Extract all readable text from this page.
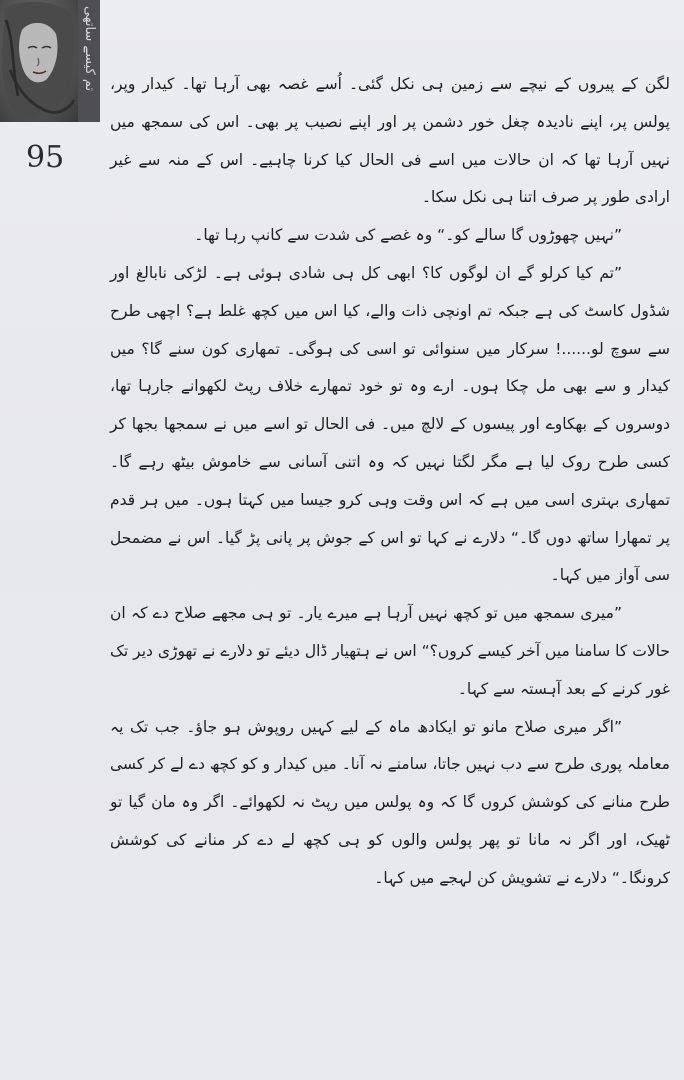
تم کیسے ساتھی
95

لگن کے پیروں کے نیچے سے زمین ہی نکل گئی۔ اُسے غصہ بھی آرہا تھا۔ کیدار وپر، پولس پر، اپنے نادیدہ چغل خور دشمن پر اور اپنے نصیب پر بھی۔ اس کی سمجھ میں نہیں آرہا تھا کہ ان حالات میں اسے فی الحال کیا کرنا چاہیے۔ اس کے منہ سے غیر ارادی طور پر صرف اتنا ہی نکل سکا۔

”نہیں چھوڑوں گا سالے کو۔“ وہ غصے کی شدت سے کانپ رہا تھا۔

”تم کیا کرلو گے ان لوگوں کا؟ ابھی کل ہی شادی ہوئی ہے۔ لڑکی نابالغ اور شڈول کاسٹ کی ہے جبکہ تم اونچی ذات والے، کیا اس میں کچھ غلط ہے؟ اچھی طرح سے سوچ لو......! سرکار میں سنوائی تو اسی کی ہوگی۔ تمھاری کون سنے گا؟ میں کیدار و سے بھی مل چکا ہوں۔ ارے وہ تو خود تمھارے خلاف رپٹ لکھوانے جارہا تھا، دوسروں کے بھکاوے اور پیسوں کے لالچ میں۔ فی الحال تو اسے میں نے سمجھا بجھا کر کسی طرح روک لیا ہے مگر لگتا نہیں کہ وہ اتنی آسانی سے خاموش بیٹھ رہے گا۔ تمھاری بہتری اسی میں ہے کہ اس وقت وہی کرو جیسا میں کہتا ہوں۔ میں ہر قدم پر تمھارا ساتھ دوں گا۔“ دلارے نے کہا تو اس کے جوش پر پانی پڑ گیا۔ اس نے مضمحل سی آواز میں کہا۔

”میری سمجھ میں تو کچھ نہیں آرہا ہے میرے یار۔ تو ہی مجھے صلاح دے کہ ان حالات کا سامنا میں آخر کیسے کروں؟“ اس نے ہتھیار ڈال دیئے تو دلارے نے تھوڑی دیر تک غور کرنے کے بعد آہستہ سے کہا۔

”اگر میری صلاح مانو تو ایکادھ ماہ کے لیے کہیں روپوش ہو جاؤ۔ جب تک یہ معاملہ پوری طرح سے دب نہیں جاتا، سامنے نہ آنا۔ میں کیدار و کو کچھ دے لے کر کسی طرح منانے کی کوشش کروں گا کہ وہ پولس میں رپٹ نہ لکھوائے۔ اگر وہ مان گیا تو ٹھیک، اور اگر نہ مانا تو پھر پولس والوں کو ہی کچھ لے دے کر منانے کی کوشش کرونگا۔“ دلارے نے تشویش کن لہجے میں کہا۔
